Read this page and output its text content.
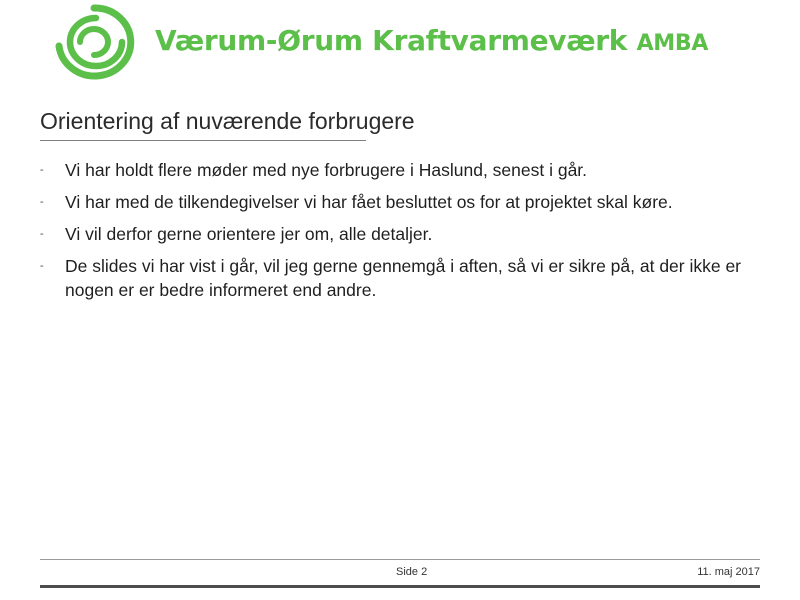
Værum-Ørum Kraftvarmeværk AMBA
Orientering af nuværende forbrugere
-	Vi har holdt flere møder med nye forbrugere i Haslund, senest i går.
-	Vi har med de tilkendegivelser vi har fået besluttet os for at projektet skal køre.
-	Vi vil derfor gerne orientere jer om, alle detaljer.
-	De slides vi har vist i går, vil jeg gerne gennemgå i aften, så vi er sikre på, at der ikke er nogen er er bedre informeret end andre.
Side 2	11. maj 2017
